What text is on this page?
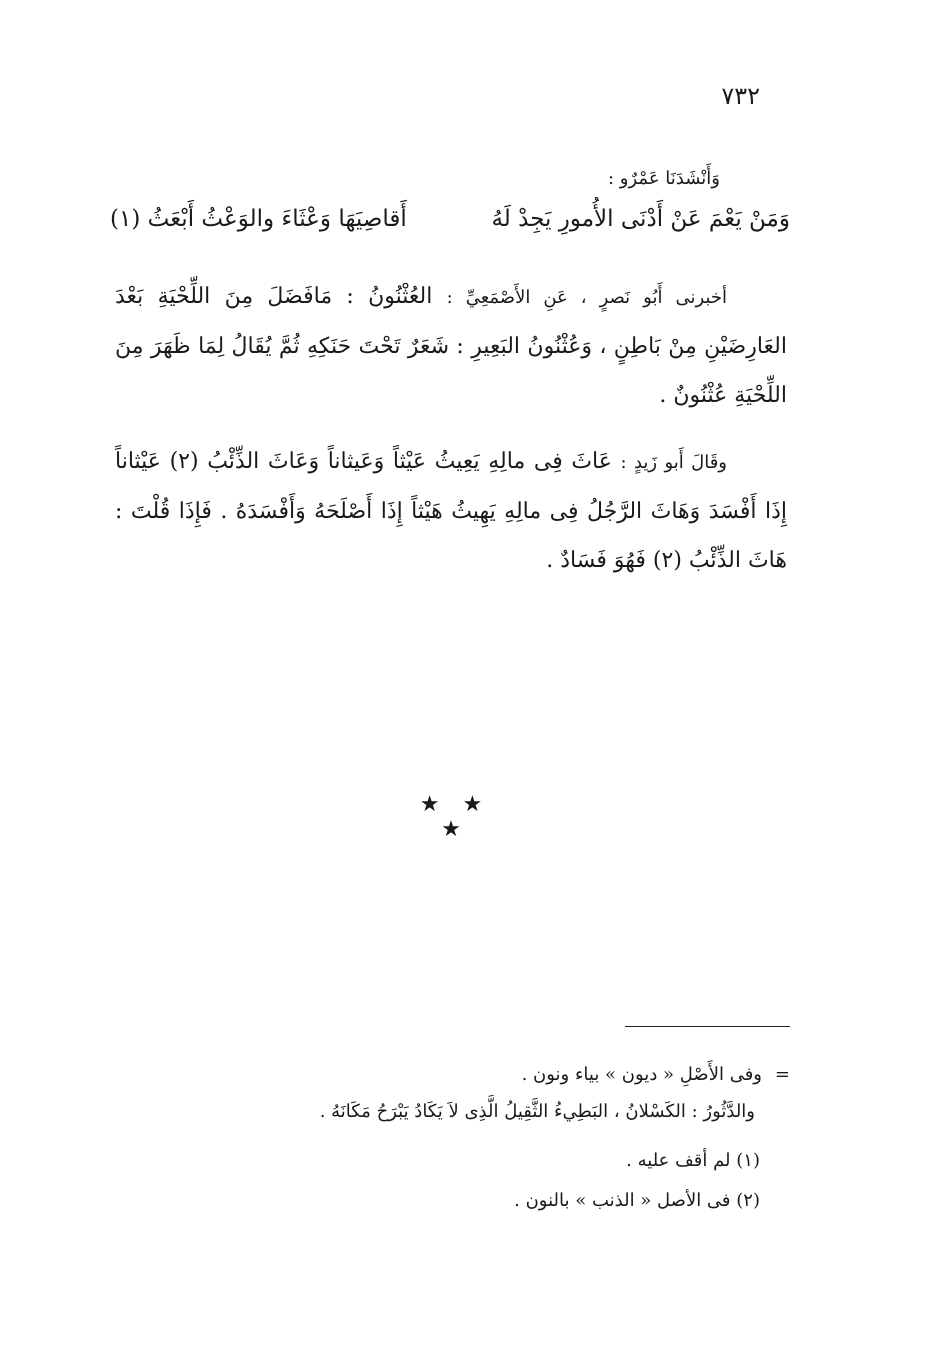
٧٣٢
وَأَنْشَدَنَا عَمْرٌو :
وَمَنْ يَعْمَ عَنْ أَدْنَى الأُمورِ يَجِدْ لَهُ
أَقاصِيَهَا وَعْثَاءَ والوَعْثُ أَبْعَثُ (١)
أخبرنى أَبُو نَصرٍ ، عَنِ الأَصْمَعِيِّ : العُثْنُونُ : مَافَضَلَ مِنَ اللِّحْيَةِ بَعْدَ العَارِضَيْنِ مِنْ بَاطِنٍ ، وَعُثْنُونُ البَعِيرِ : شَعَرٌ تَحْتَ حَنَكِهِ ثُمَّ يُقَالُ لِمَا ظَهَرَ مِنَ اللِّحْيَةِ عُثْنُونٌ .
وقَالَ أَبو زَيدٍ : عَاثَ فِى مالِهِ يَعِيثُ عَيْثاً وَعَيثاناً وَعَاثَ الذِّئْبُ (٢) عَيْثاناً إِذَا أَفْسَدَ وَهَاثَ الرَّجُلُ فِى مالِهِ يَهِيثُ هَيْثاً إِذَا أَصْلَحَهُ وَأَفْسَدَهُ . فَإِذَا قُلْتَ : هَاثَ الذِّئْبُ (٢) فَهُوَ فَسَادٌ .
★ ★ ★
=
وفى الأَصْلِ « ديون » بياء ونون .
والدَّثُورُ : الكَسْلانُ ، البَطِيءُ الثَّقِيلُ الَّذِى لاَ يَكَادُ يَبْرَحُ مَكَانَهُ .
(١) لم أقف عليه .
(٢) فى الأصل « الذنب » بالنون .
